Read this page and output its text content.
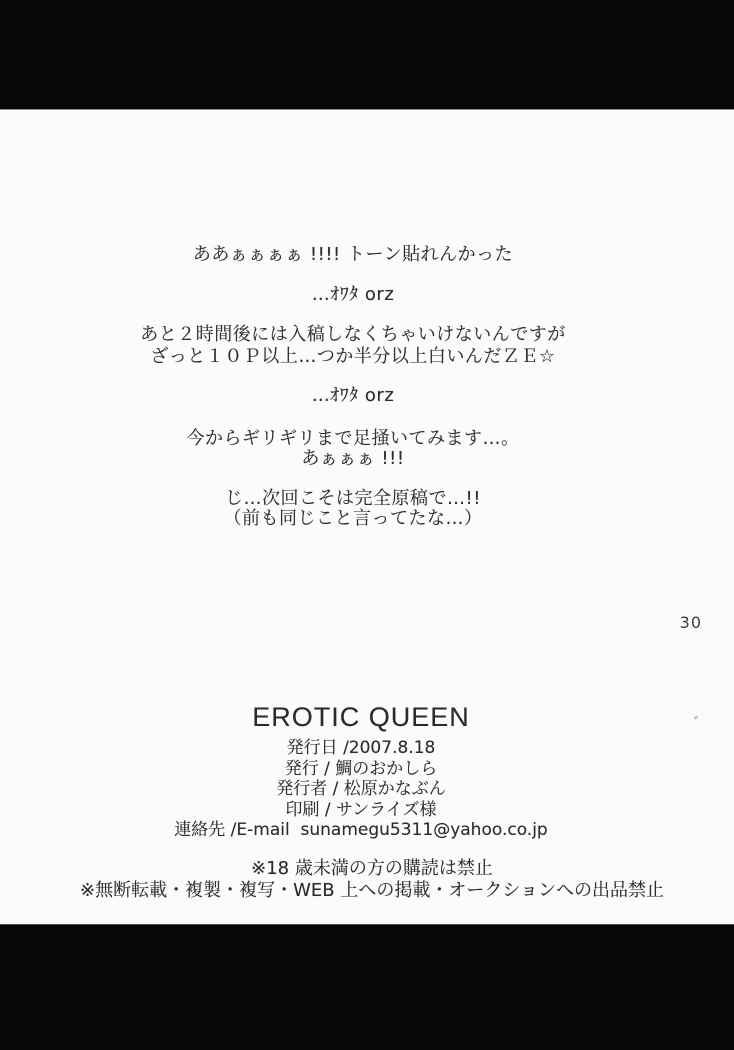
ああぁぁぁぁ !!!! トーン貼れんかった
…ｵﾜﾀ orz
あと２時間後には入稿しなくちゃいけないんですが
ざっと１０Ｐ以上…つか半分以上白いんだＺＥ☆
…ｵﾜﾀ orz
今からギリギリまで足掻いてみます…。
あぁぁぁ !!!
じ…次回こそは完全原稿で…!!
（前も同じこと言ってたな…）
30
EROTIC QUEEN
発行日 /2007.8.18
発行 / 鯛のおかしら
発行者 / 松原かなぶん
印刷 / サンライズ様
連絡先 /E-mail  sunamegu5311@yahoo.co.jp
※18 歳未満の方の購読は禁止
※無断転載・複製・複写・WEB 上への掲載・オークションへの出品禁止
